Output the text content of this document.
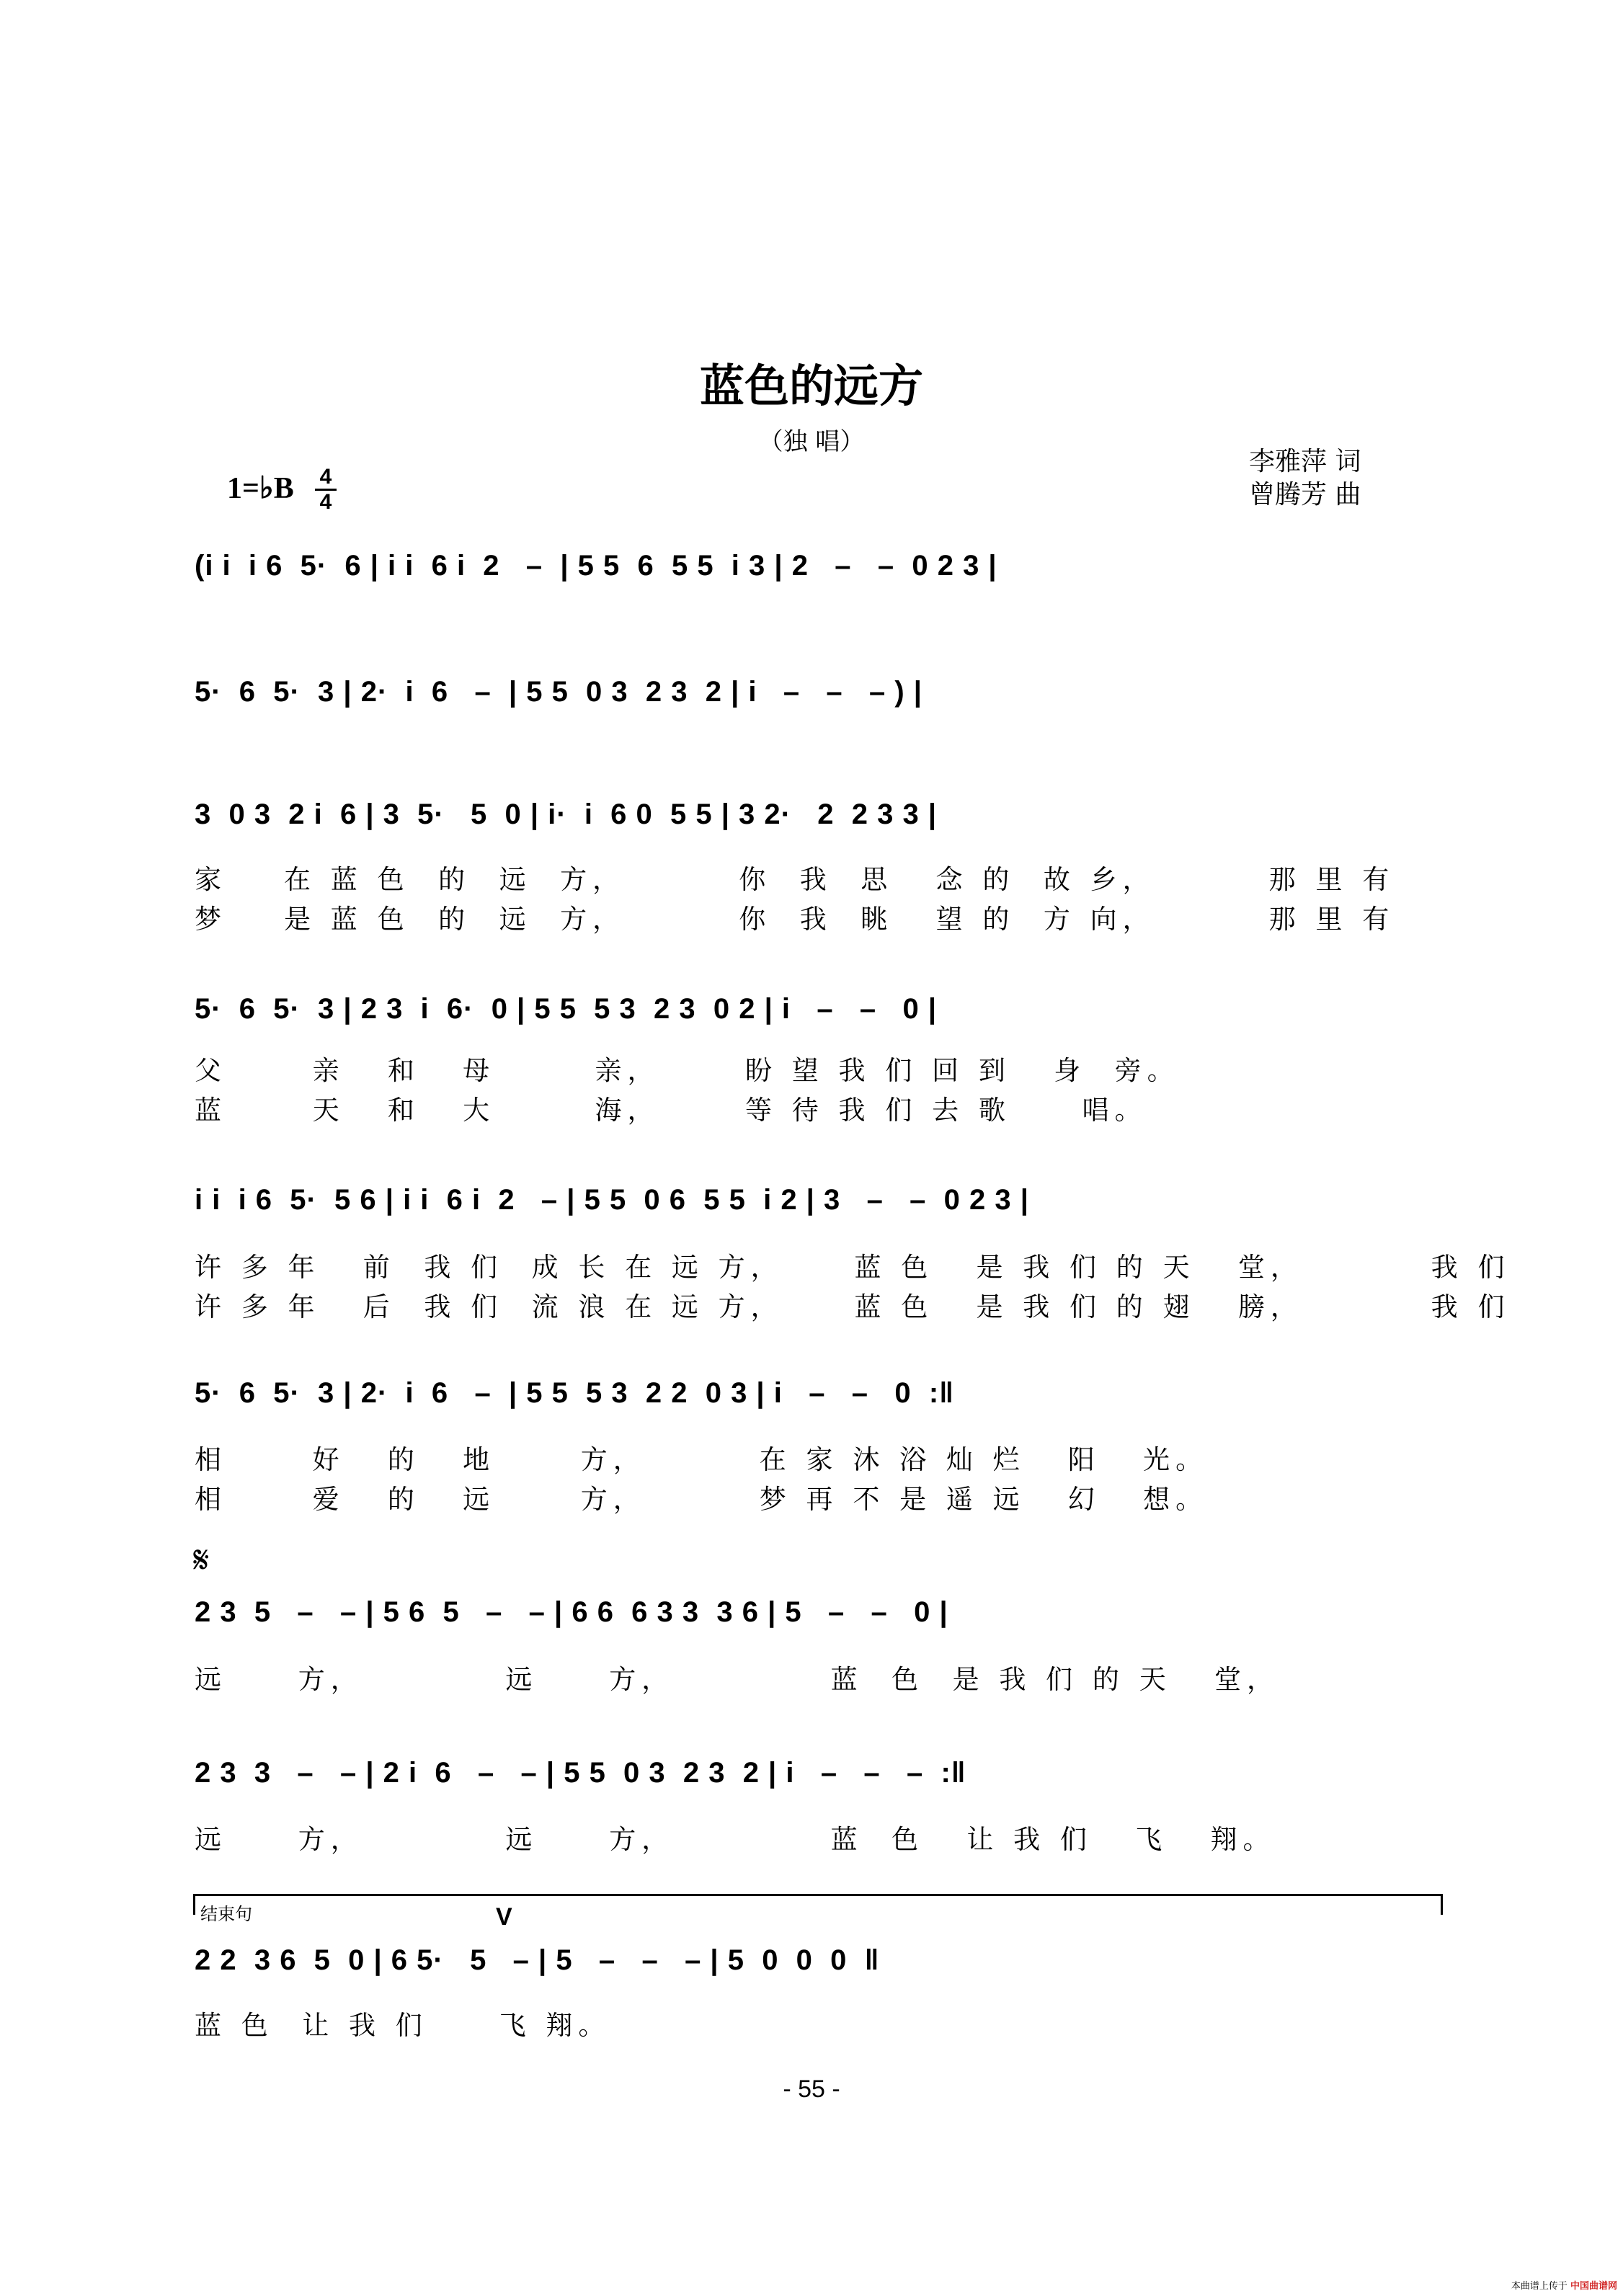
蓝色的远方
（独 唱）
李雅萍 词
曾腾芳 曲
1=♭B 4
4
(i i  i 6  5·  6 | i i  6 i  2   –  | 5 5  6  5 5  i 3 | 2   –   –  0 2 3 |
5·  6  5·  3 | 2·  i  6   –  | 5 5  0 3  2 3  2 | i   –   –   – ) |
3  0 3  2 i  6 | 3  5·   5  0 | i·  i  6 0  5 5 | 3 2·   2  2 3 3 |
家    在 蓝 色  的  远  方，        你  我  思   念 的  故 乡，        那 里 有
梦    是 蓝 色  的  远  方，        你  我  眺   望 的  方 向，        那 里 有
5·  6  5·  3 | 2 3  i  6·  0 | 5 5  5 3  2 3  0 2 | i   –   –   0 |
父      亲   和   母       亲，      盼 望 我 们 回 到   身  旁。
蓝      天   和   大       海，      等 待 我 们 去 歌     唱。
i i  i 6  5·  5 6 | i i  6 i  2   – | 5 5  0 6  5 5  i 2 | 3   –   –  0 2 3 |
许 多 年   前  我 们  成 长 在 远 方，     蓝 色   是 我 们 的 天   堂，         我 们
许 多 年   后  我 们  流 浪 在 远 方，     蓝 色   是 我 们 的 翅   膀，         我 们
5·  6  5·  3 | 2·  i  6   –  | 5 5  5 3  2 2  0 3 | i   –   –   0  :‖
相      好   的   地      方，        在 家 沐 浴 灿 烂   阳   光。
相      爱   的   远      方，        梦 再 不 是 遥 远   幻   想。
𝄋
2 3  5   –   – | 5 6  5   –   – | 6 6  6 3 3  3 6 | 5   –   –   0 |
远     方，          远     方，           蓝  色  是 我 们 的 天   堂，
2 3  3   –   – | 2 i  6   –   – | 5 5  0 3  2 3  2 | i   –   –   –  :‖
远     方，          远     方，           蓝  色   让 我 们   飞   翔。
结束句	V
2 2  3 6  5  0 | 6 5·   5   – | 5   –   –   – | 5  0  0  0  ‖
蓝 色  让 我 们     飞 翔。
- 55 -
本曲谱上传于 中国曲谱网
